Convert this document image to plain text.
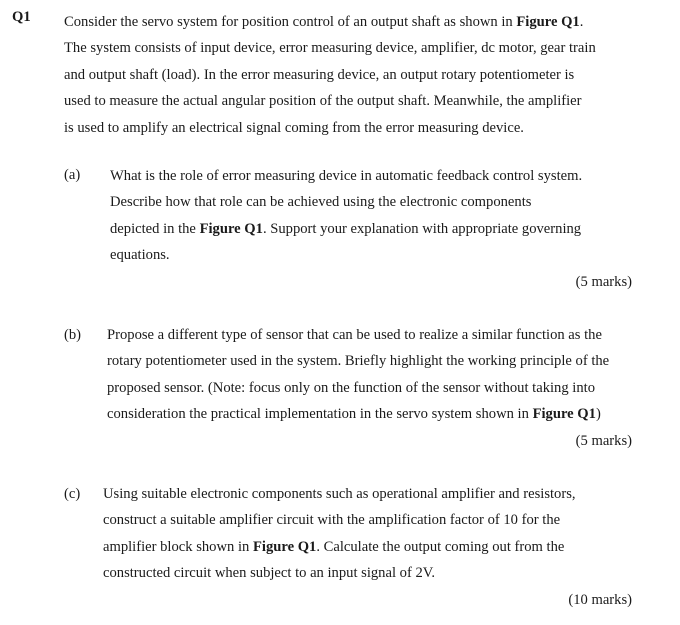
Q1 Consider the servo system for position control of an output shaft as shown in Figure Q1.
The system consists of input device, error measuring device, amplifier, dc motor, gear train
and output shaft (load). In the error measuring device, an output rotary potentiometer is
used to measure the actual angular position of the output shaft. Meanwhile, the amplifier
is used to amplify an electrical signal coming from the error measuring device.
(a) What is the role of error measuring device in automatic feedback control system.
Describe how that role can be achieved using the electronic components
depicted in the Figure Q1. Support your explanation with appropriate governing
equations.
(5 marks)
(b) Propose a different type of sensor that can be used to realize a similar function as the
rotary potentiometer used in the system. Briefly highlight the working principle of the
proposed sensor. (Note: focus only on the function of the sensor without taking into
consideration the practical implementation in the servo system shown in Figure Q1)
(5 marks)
(c) Using suitable electronic components such as operational amplifier and resistors,
construct a suitable amplifier circuit with the amplification factor of 10 for the
amplifier block shown in Figure Q1. Calculate the output coming out from the
constructed circuit when subject to an input signal of 2V.
(10 marks)
